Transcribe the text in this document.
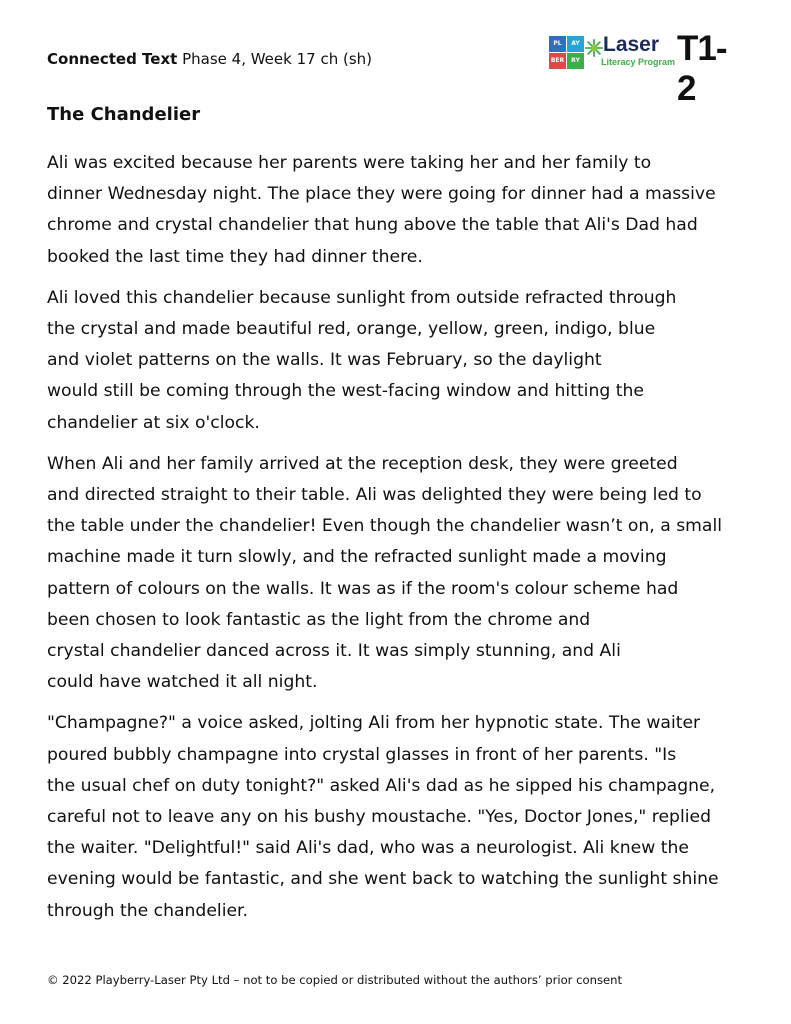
Connected Text Phase 4, Week 17 ch (sh)
PL	AY
BER	RY
Laser
Literacy Program T1-2
The Chandelier
Ali was excited because her parents were taking her and her family to
dinner Wednesday night. The place they were going for dinner had a massive
chrome and crystal chandelier that hung above the table that Ali's Dad had
booked the last time they had dinner there.
Ali loved this chandelier because sunlight from outside refracted through
the crystal and made beautiful red, orange, yellow, green, indigo, blue
and violet patterns on the walls. It was February, so the daylight
would still be coming through the west-facing window and hitting the
chandelier at six o'clock.
When Ali and her family arrived at the reception desk, they were greeted
and directed straight to their table. Ali was delighted they were being led to
the table under the chandelier! Even though the chandelier wasn’t on, a small
machine made it turn slowly, and the refracted sunlight made a moving
pattern of colours on the walls. It was as if the room's colour scheme had
been chosen to look fantastic as the light from the chrome and
crystal chandelier danced across it. It was simply stunning, and Ali
could have watched it all night.
"Champagne?" a voice asked, jolting Ali from her hypnotic state. The waiter
poured bubbly champagne into crystal glasses in front of her parents. "Is
the usual chef on duty tonight?" asked Ali's dad as he sipped his champagne,
careful not to leave any on his bushy moustache. "Yes, Doctor Jones," replied
the waiter. "Delightful!" said Ali's dad, who was a neurologist. Ali knew the
evening would be fantastic, and she went back to watching the sunlight shine
through the chandelier.
© 2022 Playberry-Laser Pty Ltd – not to be copied or distributed without the authors’ prior consent
